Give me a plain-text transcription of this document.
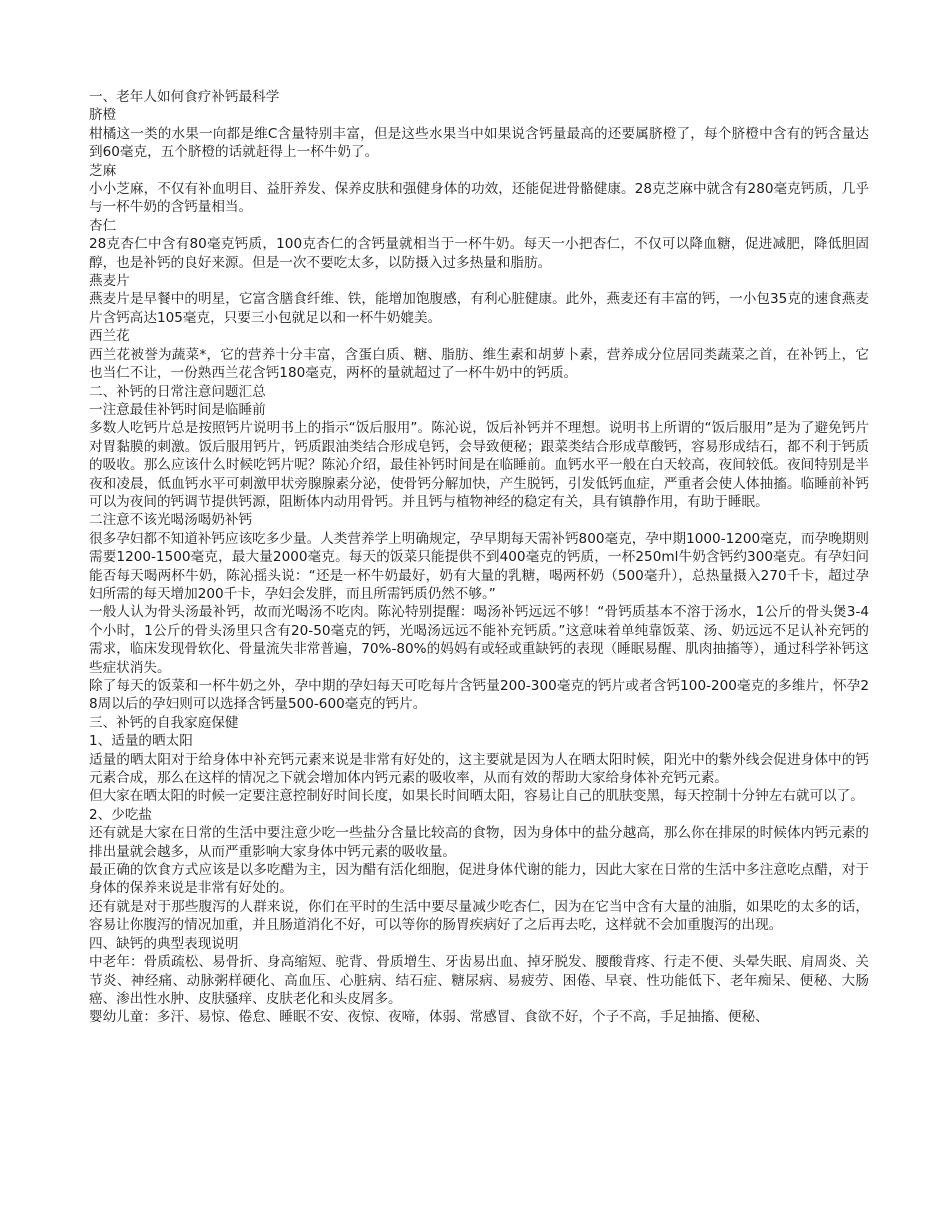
一、老年人如何食疗补钙最科学

脐橙

柑橘这一类的水果一向都是维C含量特别丰富，但是这些水果当中如果说含钙量最高的还要属脐橙了，每个脐橙中含有的钙含量达到60毫克，五个脐橙的话就赶得上一杯牛奶了。

芝麻

小小芝麻，不仅有补血明目、益肝养发、保养皮肤和强健身体的功效，还能促进骨骼健康。28克芝麻中就含有280毫克钙质，几乎与一杯牛奶的含钙量相当。

杏仁

28克杏仁中含有80毫克钙质，100克杏仁的含钙量就相当于一杯牛奶。每天一小把杏仁，不仅可以降血糖，促进减肥，降低胆固醇，也是补钙的良好来源。但是一次不要吃太多，以防摄入过多热量和脂肪。

燕麦片

燕麦片是早餐中的明星，它富含膳食纤维、铁，能增加饱腹感，有利心脏健康。此外，燕麦还有丰富的钙，一小包35克的速食燕麦片含钙高达105毫克，只要三小包就足以和一杯牛奶媲美。

西兰花

西兰花被誉为蔬菜*，它的营养十分丰富，含蛋白质、糖、脂肪、维生素和胡萝卜素，营养成分位居同类蔬菜之首，在补钙上，它也当仁不让，一份熟西兰花含钙180毫克，两杯的量就超过了一杯牛奶中的钙质。

二、补钙的日常注意问题汇总

一注意最佳补钙时间是临睡前

多数人吃钙片总是按照钙片说明书上的指示“饭后服用”。陈沁说，饭后补钙并不理想。说明书上所谓的“饭后服用”是为了避免钙片对胃黏膜的刺激。饭后服用钙片，钙质跟油类结合形成皂钙，会导致便秘；跟菜类结合形成草酸钙，容易形成结石，都不利于钙质的吸收。那么应该什么时候吃钙片呢？陈沁介绍，最佳补钙时间是在临睡前。血钙水平一般在白天较高，夜间较低。夜间特别是半夜和凌晨，低血钙水平可刺激甲状旁腺腺素分泌，使骨钙分解加快，产生脱钙，引发低钙血症，严重者会使人体抽搐。临睡前补钙可以为夜间的钙调节提供钙源，阻断体内动用骨钙。并且钙与植物神经的稳定有关，具有镇静作用，有助于睡眠。

二注意不该光喝汤喝奶补钙

很多孕妇都不知道补钙应该吃多少量。人类营养学上明确规定，孕早期每天需补钙800毫克，孕中期1000-1200毫克，而孕晚期则需要1200-1500毫克，最大量2000毫克。每天的饭菜只能提供不到400毫克的钙质，一杯250ml牛奶含钙约300毫克。有孕妇问能否每天喝两杯牛奶，陈沁摇头说：“还是一杯牛奶最好，奶有大量的乳糖，喝两杯奶（500毫升），总热量摄入270千卡，超过孕妇所需的每天增加200千卡，孕妇会发胖，而且所需钙质仍然不够。”

一般人认为骨头汤最补钙，故而光喝汤不吃肉。陈沁特别提醒：喝汤补钙远远不够！“骨钙质基本不溶于汤水，1公斤的骨头煲3-4个小时，1公斤的骨头汤里只含有20-50毫克的钙，光喝汤远远不能补充钙质。”这意味着单纯靠饭菜、汤、奶远远不足认补充钙的需求，临床发现骨软化、骨量流失非常普遍，70%-80%的妈妈有或轻或重缺钙的表现（睡眠易醒、肌肉抽搐等），通过科学补钙这些症状消失。

除了每天的饭菜和一杯牛奶之外，孕中期的孕妇每天可吃每片含钙量200-300毫克的钙片或者含钙100-200毫克的多维片，怀孕28周以后的孕妇则可以选择含钙量500-600毫克的钙片。

三、补钙的自我家庭保健

1、适量的晒太阳

适量的晒太阳对于给身体中补充钙元素来说是非常有好处的，这主要就是因为人在晒太阳时候，阳光中的紫外线会促进身体中的钙元素合成，那么在这样的情况之下就会增加体内钙元素的吸收率，从而有效的帮助大家给身体补充钙元素。

但大家在晒太阳的时候一定要注意控制好时间长度，如果长时间晒太阳，容易让自己的肌肤变黑，每天控制十分钟左右就可以了。

2、少吃盐

还有就是大家在日常的生活中要注意少吃一些盐分含量比较高的食物，因为身体中的盐分越高，那么你在排尿的时候体内钙元素的排出量就会越多，从而严重影响大家身体中钙元素的吸收量。

最正确的饮食方式应该是以多吃醋为主，因为醋有活化细胞，促进身体代谢的能力，因此大家在日常的生活中多注意吃点醋，对于身体的保养来说是非常有好处的。

还有就是对于那些腹泻的人群来说，你们在平时的生活中要尽量减少吃杏仁，因为在它当中含有大量的油脂，如果吃的太多的话，容易让你腹泻的情况加重，并且肠道消化不好，可以等你的肠胃疾病好了之后再去吃，这样就不会加重腹泻的出现。

四、缺钙的典型表现说明

中老年：骨质疏松、易骨折、身高缩短、驼背、骨质增生、牙齿易出血、掉牙脱发、腰酸背疼、行走不便、头晕失眠、肩周炎、关节炎、神经痛、动脉粥样硬化、高血压、心脏病、结石症、糖尿病、易疲劳、困倦、早衰、性功能低下、老年痴呆、便秘、大肠癌、渗出性水肿、皮肤骚痒、皮肤老化和头皮屑多。

婴幼儿童：多汗、易惊、倦怠、睡眠不安、夜惊、夜啼，体弱、常感冒、食欲不好，个子不高，手足抽搐、便秘、
